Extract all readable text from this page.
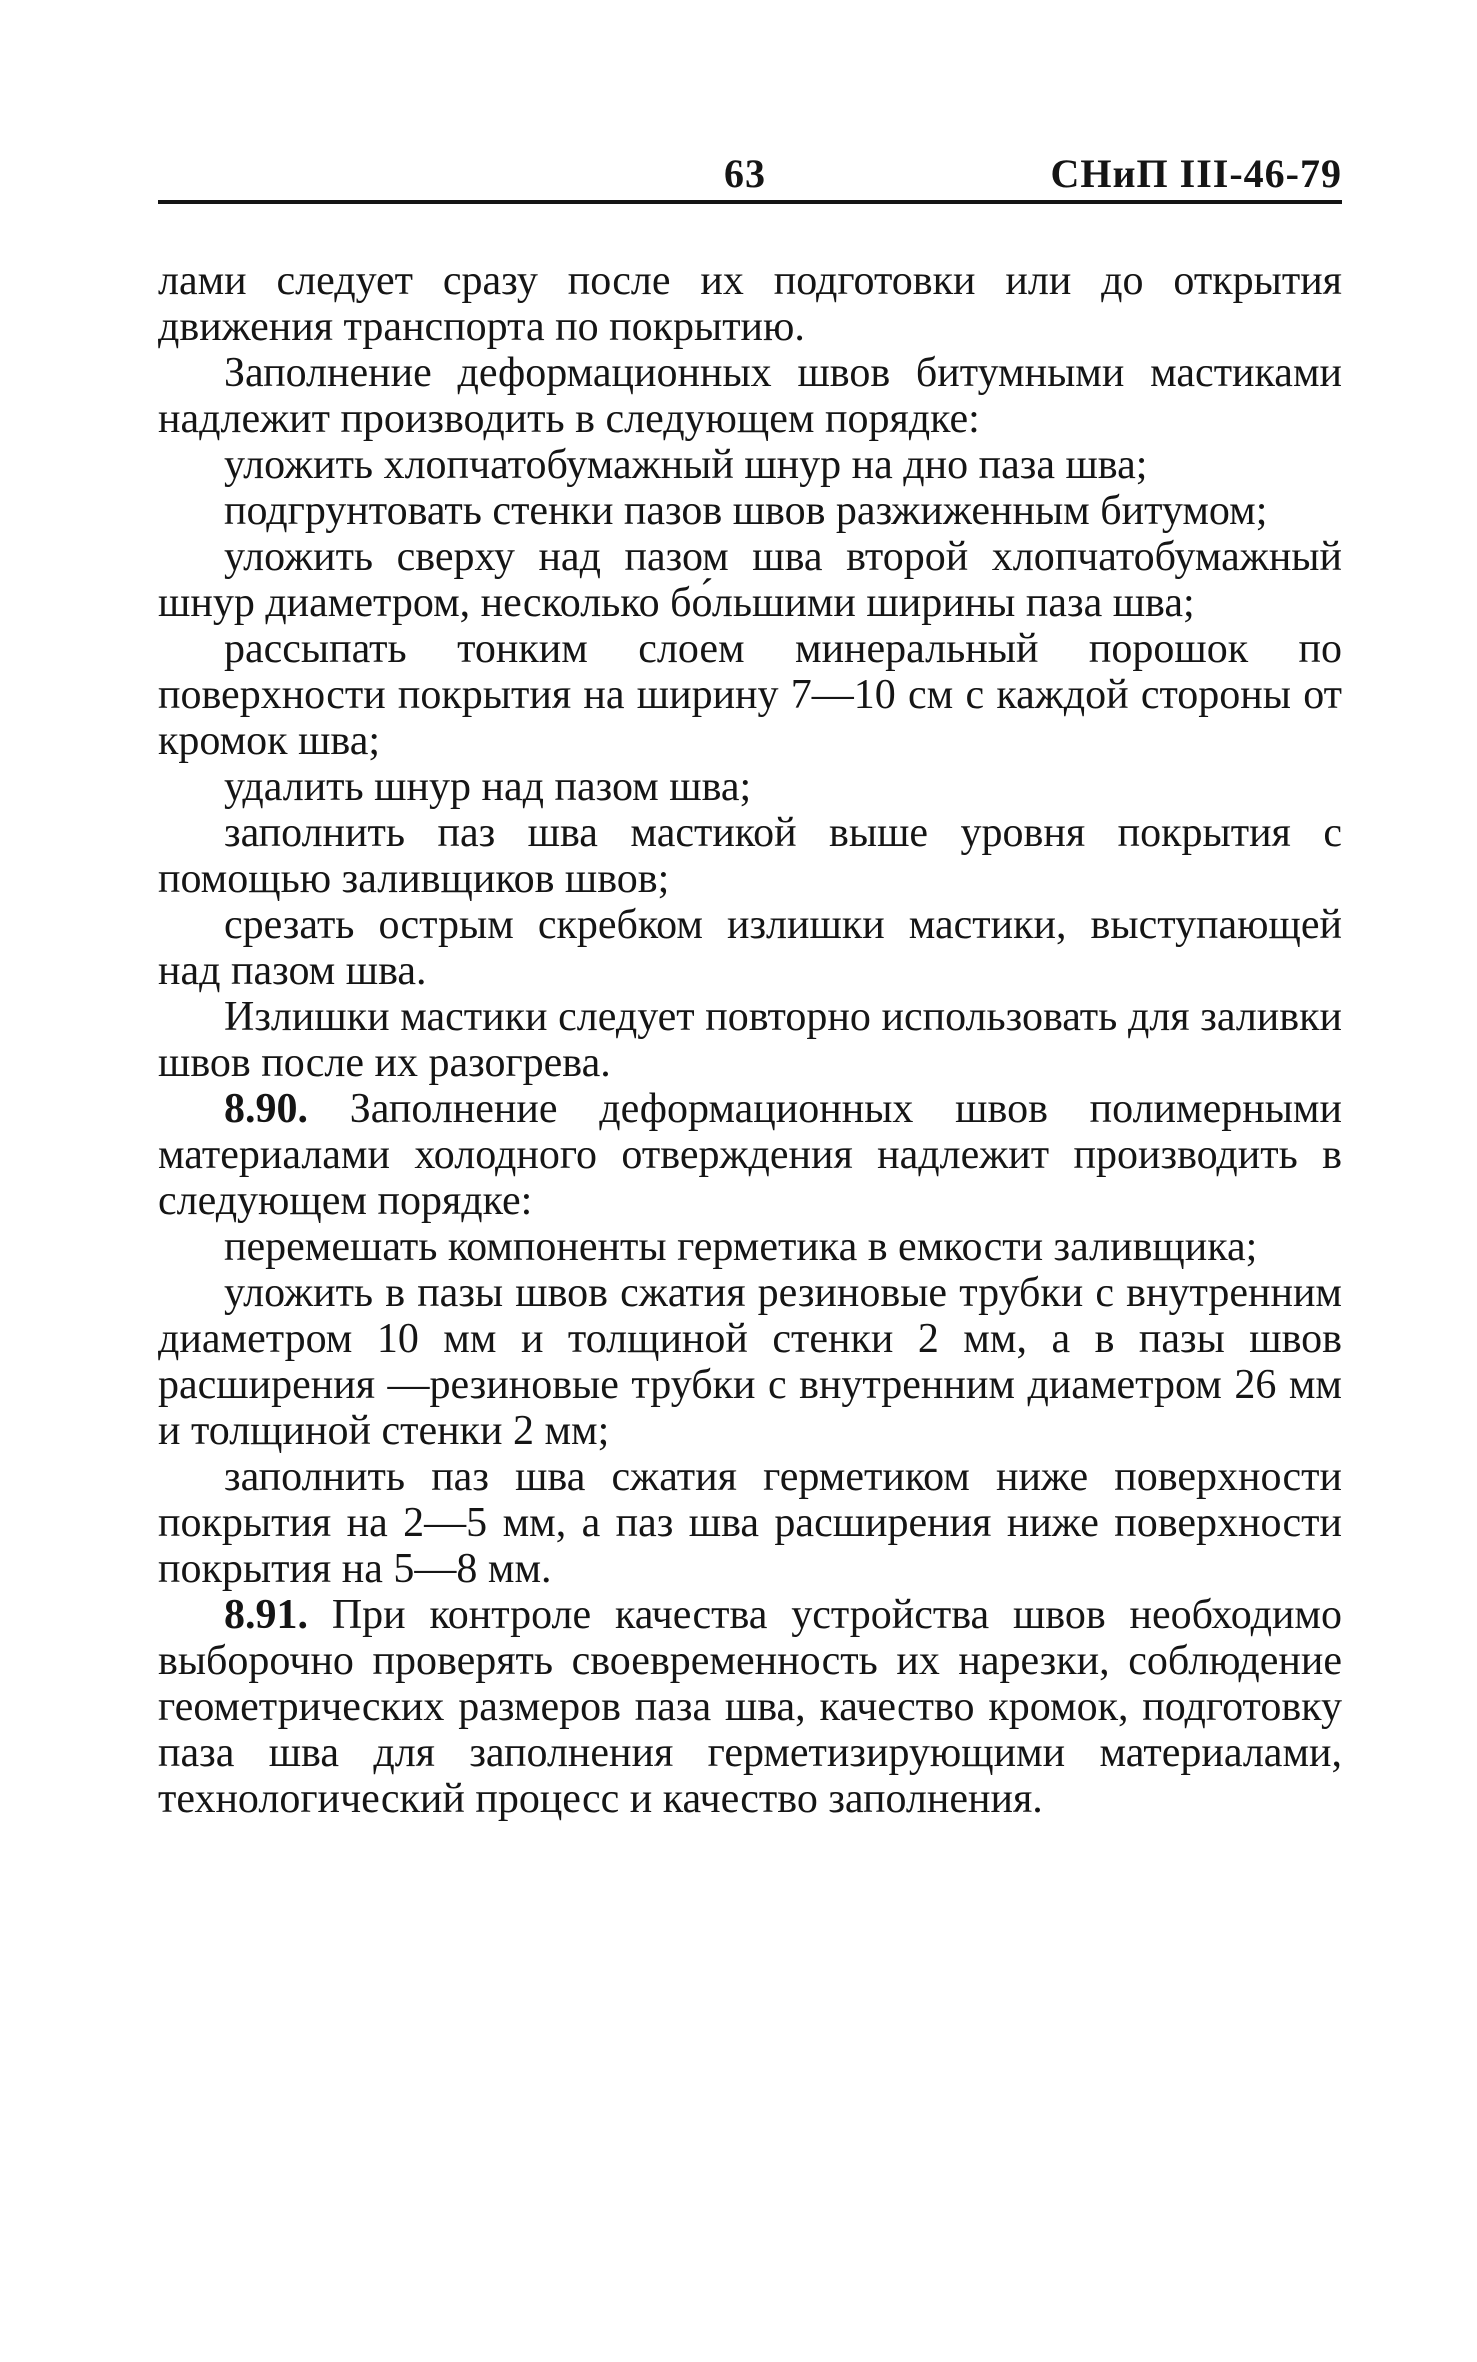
63	СНиП III-46-79

лами следует сразу после их подготовки или до открытия движения транспорта по покрытию.

Заполнение деформационных швов битумными мастиками надлежит производить в следующем порядке:

уложить хлопчатобумажный шнур на дно паза шва;

подгрунтовать стенки пазов швов разжиженным битумом;

уложить сверху над пазом шва второй хлопчатобумажный шнур диаметром, несколько бо́льшими ширины паза шва;

рассыпать тонким слоем минеральный порошок по поверхности покрытия на ширину 7—10 см с каждой стороны от кромок шва;

удалить шнур над пазом шва;

заполнить паз шва мастикой выше уровня покрытия с помощью заливщиков швов;

срезать острым скребком излишки мастики, выступающей над пазом шва.

Излишки мастики следует повторно использовать для заливки швов после их разогрева.

8.90. Заполнение деформационных швов полимерными материалами холодного отверждения надлежит производить в следующем порядке:

перемешать компоненты герметика в емкости заливщика;

уложить в пазы швов сжатия резиновые трубки с внутренним диаметром 10 мм и толщиной стенки 2 мм, а в пазы швов расширения —резиновые трубки с внутренним диаметром 26 мм и толщиной стенки 2 мм;

заполнить паз шва сжатия герметиком ниже поверхности покрытия на 2—5 мм, а паз шва расширения ниже поверхности покрытия на 5—8 мм.

8.91. При контроле качества устройства швов необходимо выборочно проверять своевременность их нарезки, соблюдение геометрических размеров паза шва, качество кромок, подготовку паза шва для заполнения герметизирующими материалами, технологический процесс и качество заполнения.
